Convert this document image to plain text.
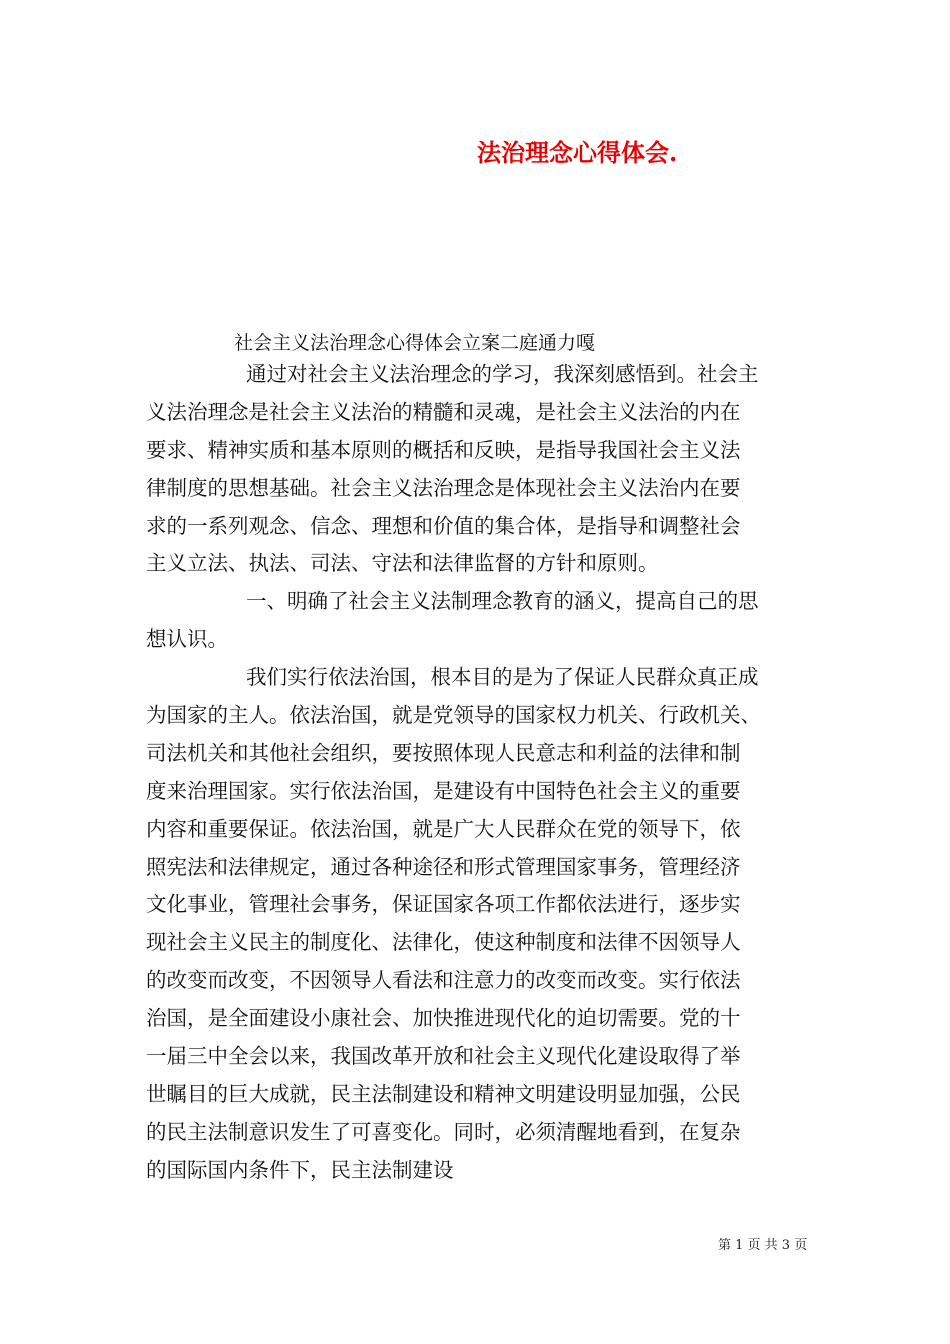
法治理念心得体会.
社会主义法治理念心得体会立案二庭通力嘎
通过对社会主义法治理念的学习，我深刻感悟到。社会主
义法治理念是社会主义法治的精髓和灵魂，是社会主义法治的内在
要求、精神实质和基本原则的概括和反映，是指导我国社会主义法
律制度的思想基础。社会主义法治理念是体现社会主义法治内在要
求的一系列观念、信念、理想和价值的集合体，是指导和调整社会
主义立法、执法、司法、守法和法律监督的方针和原则。
一、明确了社会主义法制理念教育的涵义，提高自己的思
想认识。
我们实行依法治国，根本目的是为了保证人民群众真正成
为国家的主人。依法治国，就是党领导的国家权力机关、行政机关、
司法机关和其他社会组织，要按照体现人民意志和利益的法律和制
度来治理国家。实行依法治国，是建设有中国特色社会主义的重要
内容和重要保证。依法治国，就是广大人民群众在党的领导下，依
照宪法和法律规定，通过各种途径和形式管理国家事务，管理经济
文化事业，管理社会事务，保证国家各项工作都依法进行，逐步实
现社会主义民主的制度化、法律化，使这种制度和法律不因领导人
的改变而改变，不因领导人看法和注意力的改变而改变。实行依法
治国，是全面建设小康社会、加快推进现代化的迫切需要。党的十
一届三中全会以来，我国改革开放和社会主义现代化建设取得了举
世瞩目的巨大成就，民主法制建设和精神文明建设明显加强，公民
的民主法制意识发生了可喜变化。同时，必须清醒地看到，在复杂
的国际国内条件下，民主法制建设
第 1 页 共 3 页
